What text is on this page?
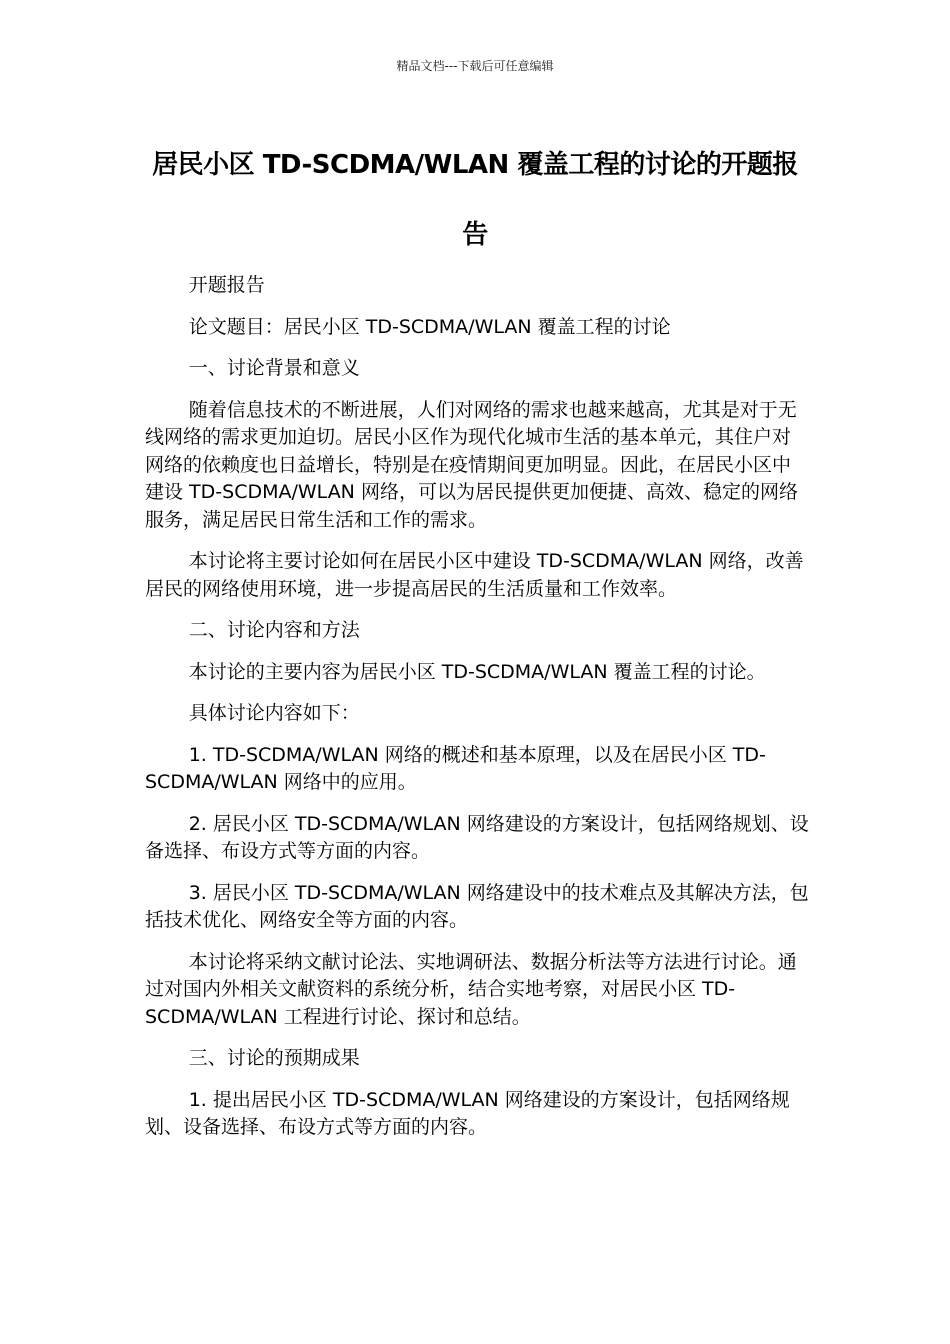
精品文档---下载后可任意编辑
居民小区 TD-SCDMA/WLAN 覆盖工程的讨论的开题报告

开题报告

论文题目：居民小区 TD-SCDMA/WLAN 覆盖工程的讨论

一、讨论背景和意义

随着信息技术的不断进展，人们对网络的需求也越来越高，尤其是对于无线网络的需求更加迫切。居民小区作为现代化城市生活的基本单元，其住户对网络的依赖度也日益增长，特别是在疫情期间更加明显。因此，在居民小区中建设 TD-SCDMA/WLAN 网络，可以为居民提供更加便捷、高效、稳定的网络服务，满足居民日常生活和工作的需求。

本讨论将主要讨论如何在居民小区中建设 TD-SCDMA/WLAN 网络，改善居民的网络使用环境，进一步提高居民的生活质量和工作效率。

二、讨论内容和方法

本讨论的主要内容为居民小区 TD-SCDMA/WLAN 覆盖工程的讨论。

具体讨论内容如下：

1. TD-SCDMA/WLAN 网络的概述和基本原理，以及在居民小区 TD-SCDMA/WLAN 网络中的应用。

2. 居民小区 TD-SCDMA/WLAN 网络建设的方案设计，包括网络规划、设备选择、布设方式等方面的内容。

3. 居民小区 TD-SCDMA/WLAN 网络建设中的技术难点及其解决方法，包括技术优化、网络安全等方面的内容。

本讨论将采纳文献讨论法、实地调研法、数据分析法等方法进行讨论。通过对国内外相关文献资料的系统分析，结合实地考察，对居民小区 TD-SCDMA/WLAN 工程进行讨论、探讨和总结。

三、讨论的预期成果

1. 提出居民小区 TD-SCDMA/WLAN 网络建设的方案设计，包括网络规划、设备选择、布设方式等方面的内容。
